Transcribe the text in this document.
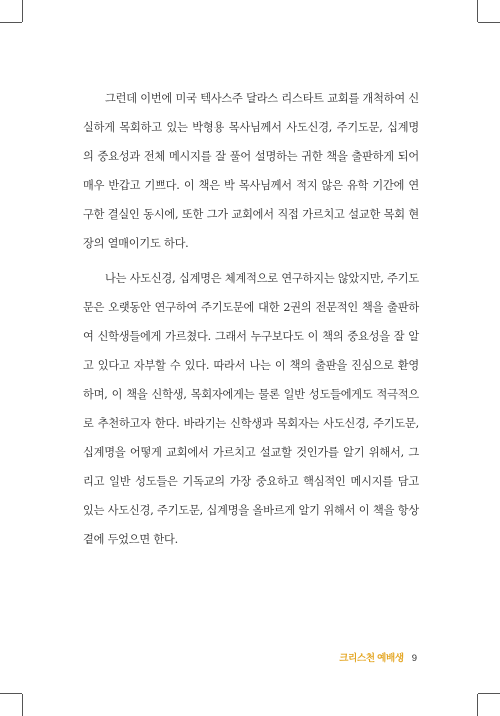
그런데 이번에 미국 텍사스주 달라스 리스타트 교회를 개척하여 신실하게 목회하고 있는 박형용 목사님께서 사도신경, 주기도문, 십계명의 중요성과 전체 메시지를 잘 풀어 설명하는 귀한 책을 출판하게 되어 매우 반갑고 기쁘다. 이 책은 박 목사님께서 적지 않은 유학 기간에 연구한 결실인 동시에, 또한 그가 교회에서 직접 가르치고 설교한 목회 현장의 열매이기도 하다.

나는 사도신경, 십계명은 체계적으로 연구하지는 않았지만, 주기도문은 오랫동안 연구하여 주기도문에 대한 2권의 전문적인 책을 출판하여 신학생들에게 가르쳤다. 그래서 누구보다도 이 책의 중요성을 잘 알고 있다고 자부할 수 있다. 따라서 나는 이 책의 출판을 진심으로 환영하며, 이 책을 신학생, 목회자에게는 물론 일반 성도들에게도 적극적으로 추천하고자 한다. 바라기는 신학생과 목회자는 사도신경, 주기도문, 십계명을 어떻게 교회에서 가르치고 설교할 것인가를 알기 위해서, 그리고 일반 성도들은 기독교의 가장 중요하고 핵심적인 메시지를 담고 있는 사도신경, 주기도문, 십계명을 올바르게 알기 위해서 이 책을 항상 곁에 두었으면 한다.

크리스천 예배생 9
